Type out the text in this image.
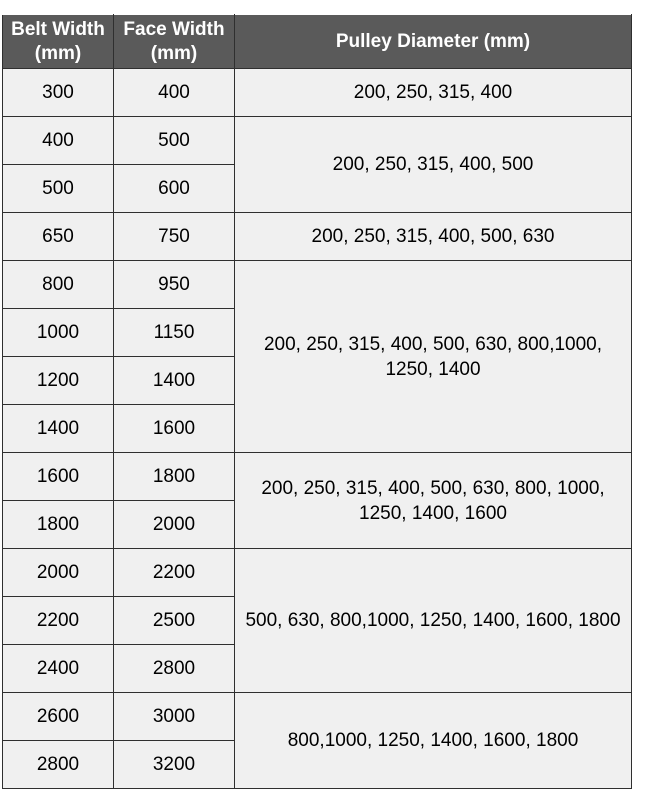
Belt Width (mm)	Face Width (mm)	Pulley Diameter (mm)
300	400	200, 250, 315, 400
400	500	200, 250, 315, 400, 500
500	600	
650	750	200, 250, 315, 400, 500, 630
800	950	200, 250, 315, 400, 500, 630, 800,1000, 1250, 1400
1000	1150	
1200	1400	
1400	1600	
1600	1800	200, 250, 315, 400, 500, 630, 800, 1000, 1250, 1400, 1600
1800	2000	
2000	2200	500, 630, 800,1000, 1250, 1400, 1600, 1800
2200	2500	
2400	2800	
2600	3000	800,1000, 1250, 1400, 1600, 1800
2800	3200	
